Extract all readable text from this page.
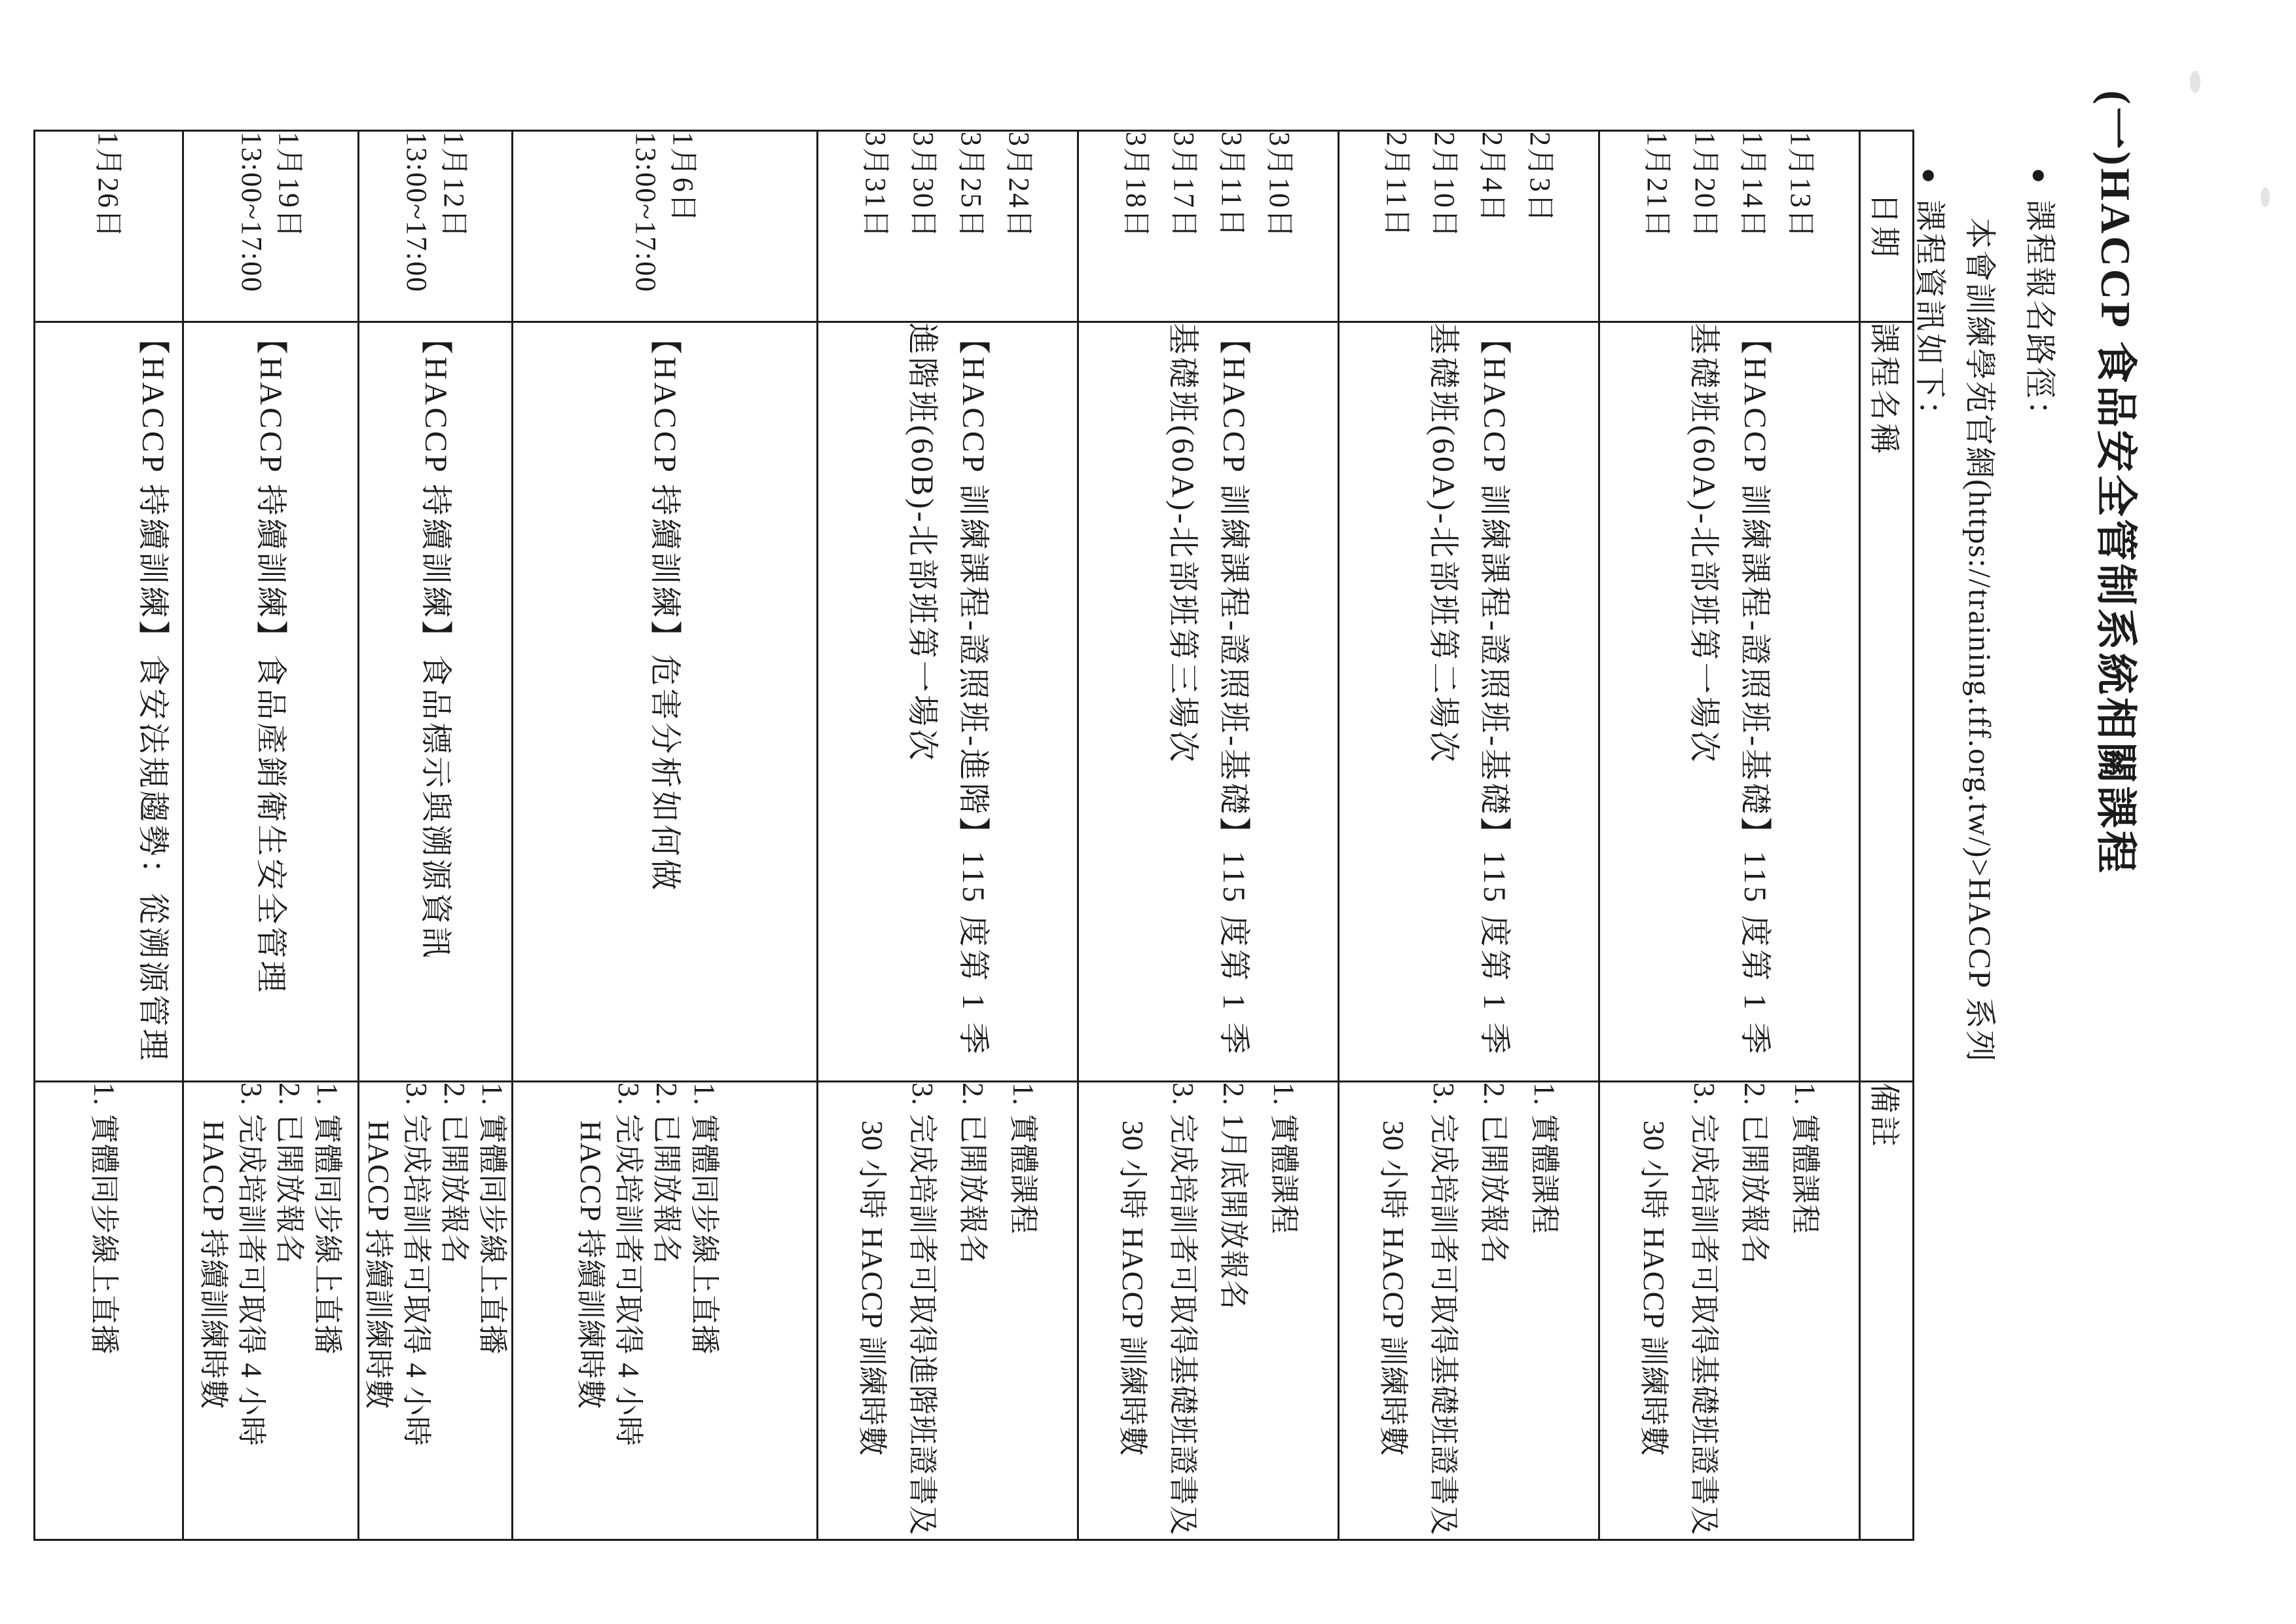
(一)HACCP 食品安全管制系統相關課程
●課程報名路徑：
本會訓練學苑官網(https://training.tff.org.tw/)>HACCP 系列
●課程資訊如下：
日期	課程名稱	備註

1月13日
1月14日
1月20日
1月21日
	【HACCP 訓練課程-證照班-基礎】115 度第 1 季基礎班(60A)-北部班第一場次	
1. 實體課程
2. 已開放報名
3. 完成培訓者可取得基礎班證書及 30 小時 HACCP 訓練時數

2月3日
2月4日
2月10日
2月11日
	【HACCP 訓練課程-證照班-基礎】115 度第 1 季基礎班(60A)-北部班第二場次	
1. 實體課程
2. 已開放報名
3. 完成培訓者可取得基礎班證書及 30 小時 HACCP 訓練時數

3月10日
3月11日
3月17日
3月18日
	【HACCP 訓練課程-證照班-基礎】115 度第 1 季基礎班(60A)-北部班第三場次	
1. 實體課程
2. 1月底開放報名
3. 完成培訓者可取得基礎班證書及 30 小時 HACCP 訓練時數

3月24日
3月25日
3月30日
3月31日
	【HACCP 訓練課程-證照班-進階】115 度第 1 季進階班(60B)-北部班第一場次	
1. 實體課程
2. 已開放報名
3. 完成培訓者可取得進階班證書及 30 小時 HACCP 訓練時數

1月6日
13:00~17:00
	【HACCP 持續訓練】危害分析如何做	
1. 實體同步線上直播
2. 已開放報名
3. 完成培訓者可取得 4 小時 HACCP 持續訓練時數

1月12日
13:00~17:00
	【HACCP 持續訓練】食品標示與溯源資訊	
1. 實體同步線上直播
2. 已開放報名
3. 完成培訓者可取得 4 小時 HACCP 持續訓練時數

1月19日
13:00~17:00
	【HACCP 持續訓練】食品產銷衛生安全管理	
1. 實體同步線上直播
2. 已開放報名
3. 完成培訓者可取得 4 小時 HACCP 持續訓練時數

1月26日	【HACCP 持續訓練】食安法規趨勢：從溯源管理	1. 實體同步線上直播
